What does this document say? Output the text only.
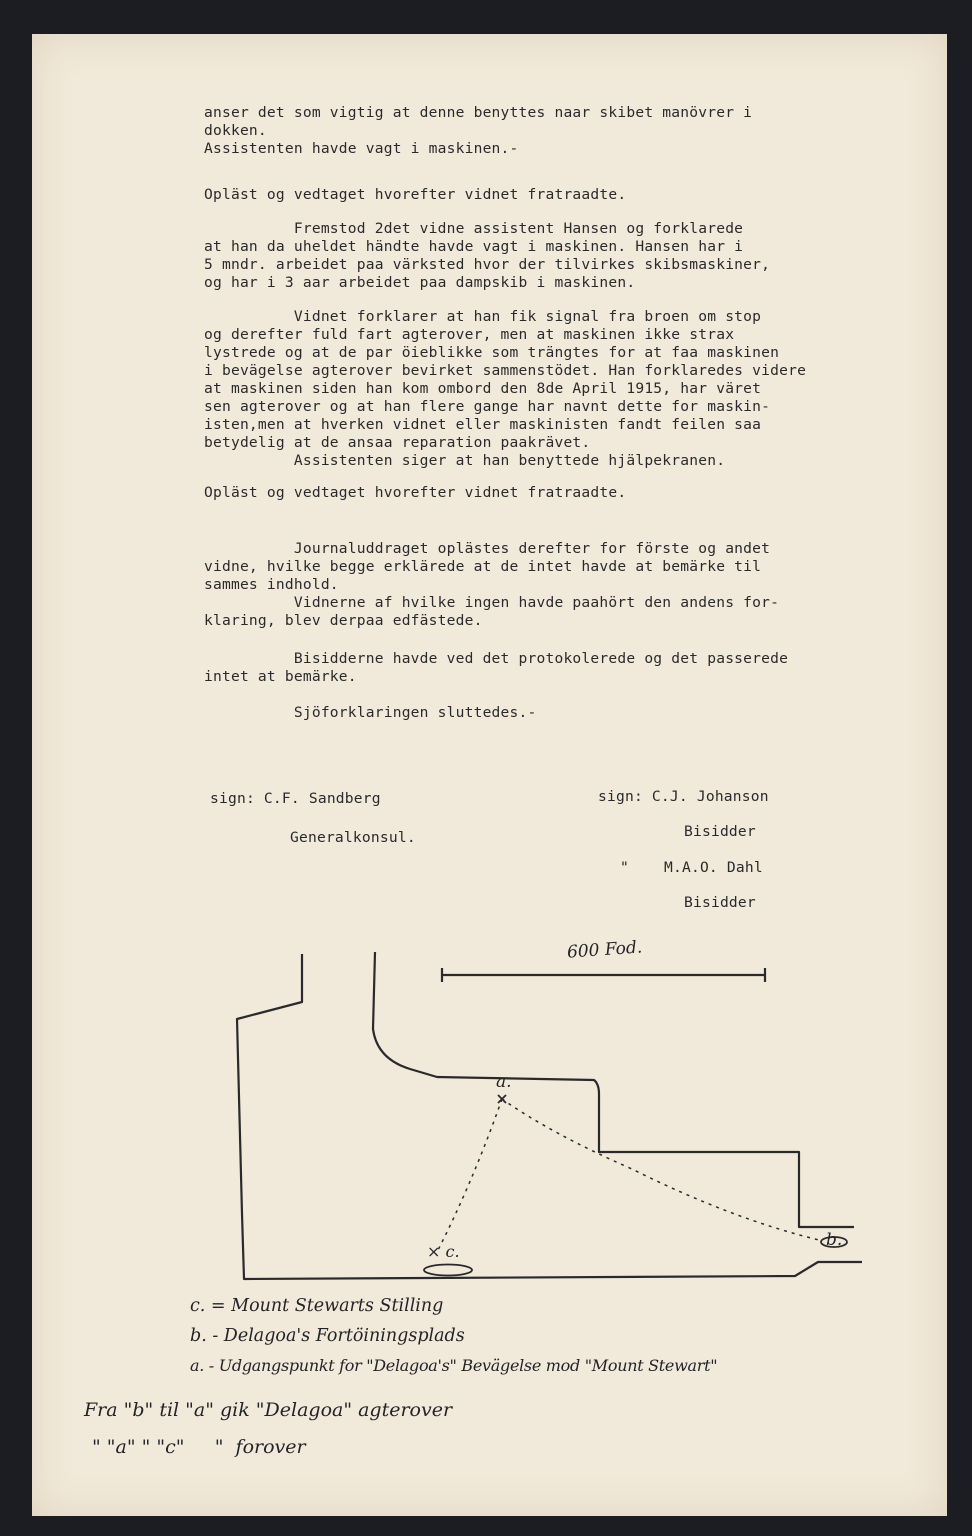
anser det som vigtig at denne benyttes naar skibet manövrer i
dokken.
Assistenten havde vagt i maskinen.-
Opläst og vedtaget hvorefter vidnet fratraadte.
Fremstod 2det vidne assistent Hansen og forklarede
at han da uheldet händte havde vagt i maskinen. Hansen har i
5 mndr. arbeidet paa värksted hvor der tilvirkes skibsmaskiner,
og har i 3 aar arbeidet paa dampskib i maskinen.
Vidnet forklarer at han fik signal fra broen om stop
og derefter fuld fart agterover, men at maskinen ikke strax
lystrede og at de par öieblikke som trängtes for at faa maskinen
i bevägelse agterover bevirket sammenstödet. Han forklaredes videre
at maskinen siden han kom ombord den 8de April 1915, har väret
sen agterover og at han flere gange har navnt dette for maskin-
isten,men at hverken vidnet eller maskinisten fandt feilen saa
betydelig at de ansaa reparation paakrävet.
Assistenten siger at han benyttede hjälpekranen.
Opläst og vedtaget hvorefter vidnet fratraadte.
Journaluddraget oplästes derefter for förste og andet
vidne, hvilke begge erklärede at de intet havde at bemärke til
sammes indhold.
Vidnerne af hvilke ingen havde paahört den andens for-
klaring, blev derpaa edfästede.
Bisidderne havde ved det protokolerede og det passerede
intet at bemärke.
Sjöforklaringen sluttedes.-
sign: C.F. Sandberg
Generalkonsul.
sign: C.J. Johanson
Bisidder
" M.A.O. Dahl
Bisidder
600 Fod.
a.
b.
× c.
c. = Mount Stewarts Stilling
b. - Delagoa's Fortöiningsplads
a. - Udgangspunkt for "Delagoa's" Bevägelse mod "Mount Stewart"
Fra "b" til "a" gik "Delagoa" agterover
" "a" " "c"     "  forover
